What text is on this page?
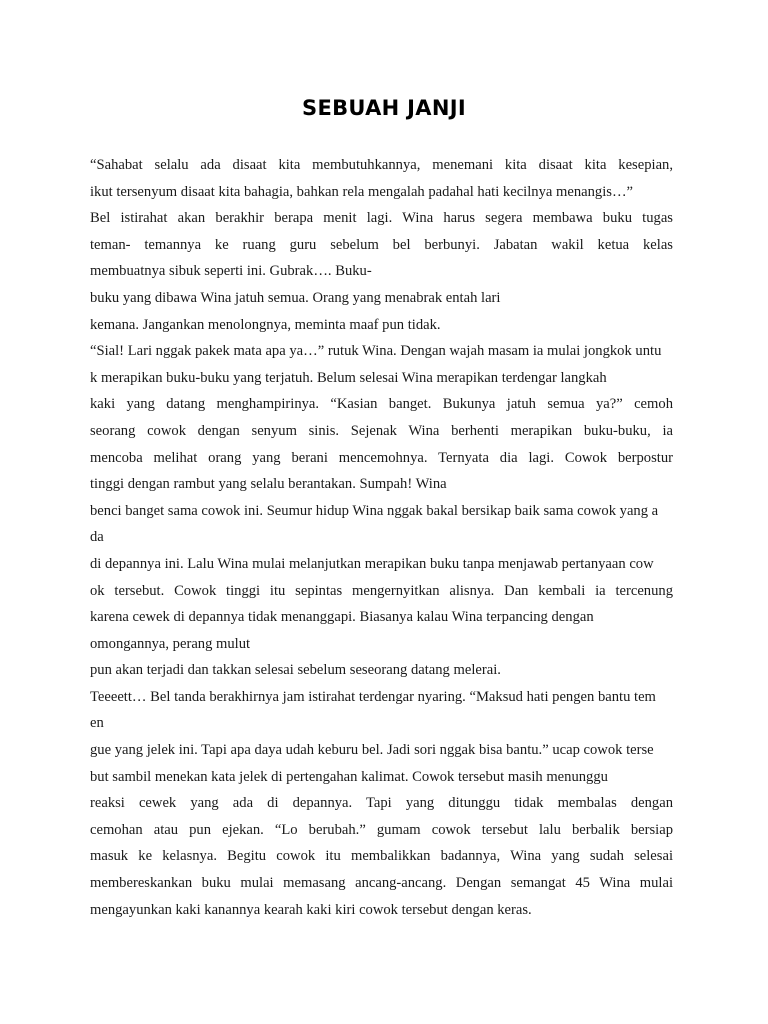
SEBUAH JANJI
“Sahabat selalu ada disaat kita membutuhkannya, menemani kita disaat kita kesepian,
ikut tersenyum disaat kita bahagia, bahkan rela mengalah padahal hati kecilnya menangis…”
Bel istirahat akan berakhir berapa menit lagi. Wina harus segera membawa buku tugas
teman- temannya ke ruang guru sebelum bel berbunyi. Jabatan wakil ketua kelas
membuatnya sibuk seperti ini. Gubrak…. Buku-
buku yang dibawa Wina jatuh semua. Orang yang menabrak entah lari
kemana. Jangankan menolongnya, meminta maaf pun tidak.
“Sial! Lari nggak pakek mata apa ya…” rutuk Wina. Dengan wajah masam ia mulai jongkok untu
k merapikan buku-buku yang terjatuh. Belum selesai Wina merapikan terdengar langkah
kaki yang datang menghampirinya. “Kasian banget. Bukunya jatuh semua ya?” cemoh
seorang cowok dengan senyum sinis. Sejenak Wina berhenti merapikan buku-buku, ia
mencoba melihat orang yang berani mencemohnya. Ternyata dia lagi. Cowok berpostur
tinggi dengan rambut yang selalu berantakan. Sumpah! Wina
benci banget sama cowok ini. Seumur hidup Wina nggak bakal bersikap baik sama cowok yang a
da
di depannya ini. Lalu Wina mulai melanjutkan merapikan buku tanpa menjawab pertanyaan cow
ok tersebut. Cowok tinggi itu sepintas mengernyitkan alisnya. Dan kembali ia tercenung
karena cewek di depannya tidak menanggapi. Biasanya kalau Wina terpancing dengan
omongannya, perang mulut
pun akan terjadi dan takkan selesai sebelum seseorang datang melerai.
Teeeett… Bel tanda berakhirnya jam istirahat terdengar nyaring. “Maksud hati pengen bantu tem
en
gue yang jelek ini. Tapi apa daya udah keburu bel. Jadi sori nggak bisa bantu.” ucap cowok terse
but sambil menekan kata jelek di pertengahan kalimat. Cowok tersebut masih menunggu
reaksi cewek yang ada di depannya. Tapi yang ditunggu tidak membalas dengan
cemohan atau pun ejekan. “Lo berubah.” gumam cowok tersebut lalu berbalik bersiap
masuk ke kelasnya. Begitu cowok itu membalikkan badannya, Wina yang sudah selesai
membereskankan buku mulai memasang ancang-ancang. Dengan semangat 45 Wina mulai
mengayunkan kaki kanannya kearah kaki kiri cowok tersebut dengan keras.
